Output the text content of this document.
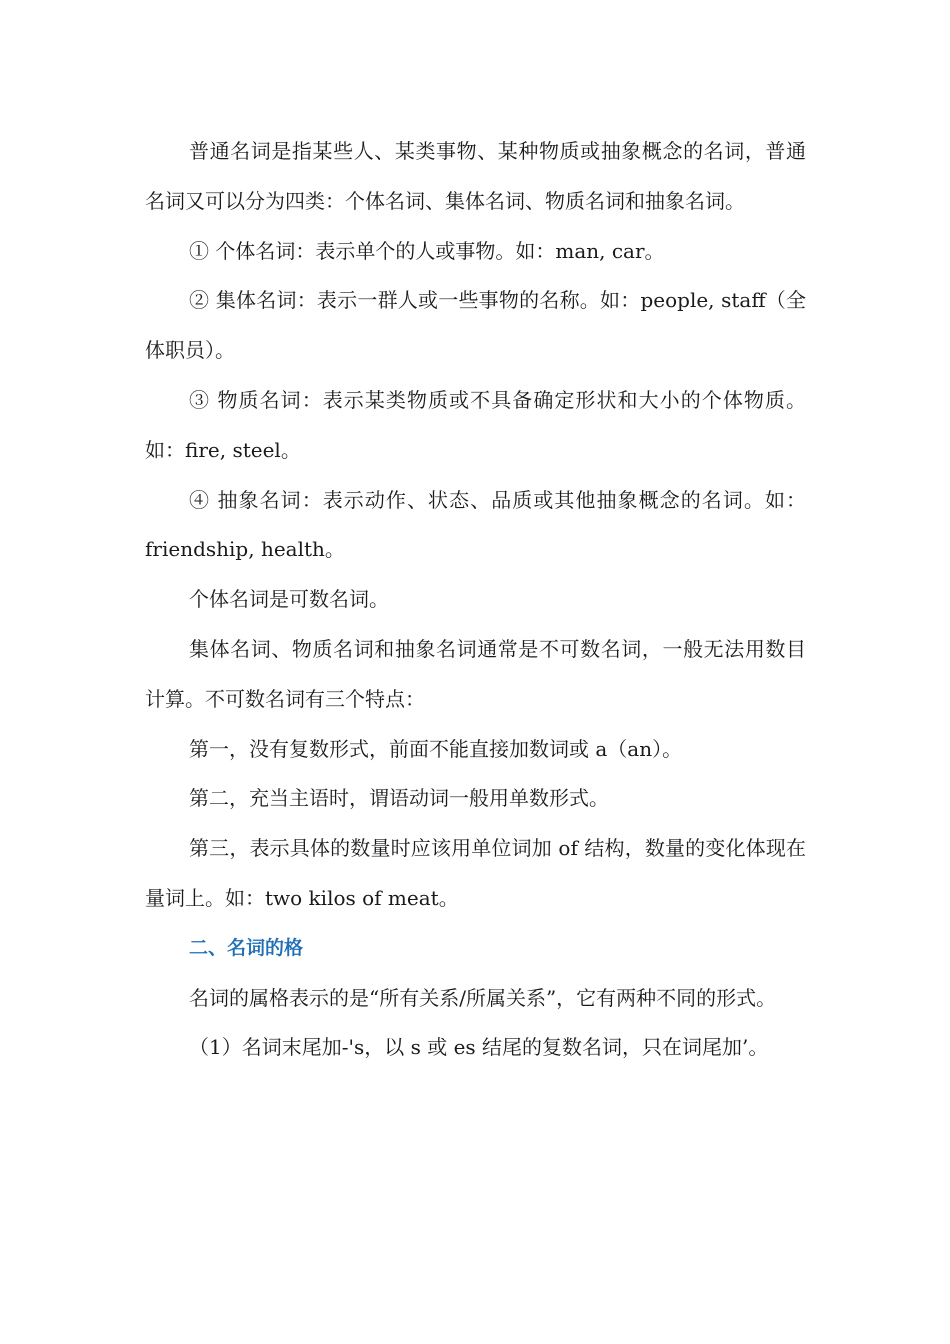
普通名词是指某些人、某类事物、某种物质或抽象概念的名词，普通名词又可以分为四类：个体名词、集体名词、物质名词和抽象名词。

① 个体名词：表示单个的人或事物。如：man, car。

② 集体名词：表示一群人或一些事物的名称。如：people, staff（全体职员）。

③ 物质名词：表示某类物质或不具备确定形状和大小的个体物质。如：fire, steel。

④ 抽象名词：表示动作、状态、品质或其他抽象概念的名词。如：friendship, health。

个体名词是可数名词。

集体名词、物质名词和抽象名词通常是不可数名词，一般无法用数目计算。不可数名词有三个特点：

第一，没有复数形式，前面不能直接加数词或 a（an）。

第二，充当主语时，谓语动词一般用单数形式。

第三，表示具体的数量时应该用单位词加 of 结构，数量的变化体现在量词上。如：two kilos of meat。

二、名词的格

名词的属格表示的是“所有关系/所属关系”，它有两种不同的形式。

（1）名词末尾加-'s，以 s 或 es 结尾的复数名词，只在词尾加’。
